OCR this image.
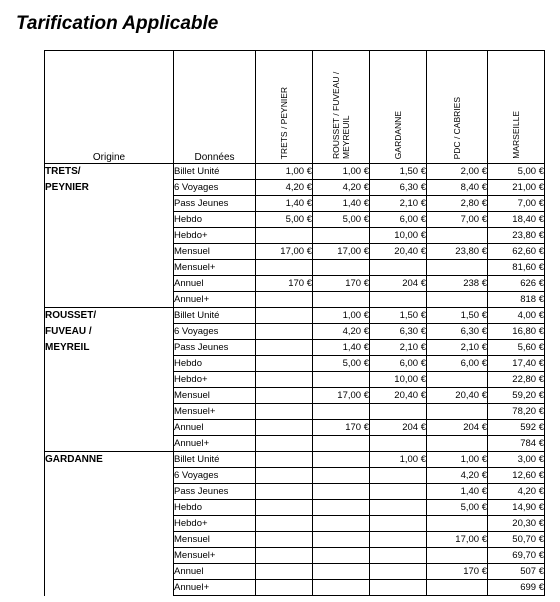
Tarification Applicable
Origine	Données	TRETS / PEYNIER	ROUSSET / FUVEAU / MEYREUIL	GARDANNE	PDC / CABRIES	MARSEILLE

TRETS/
PEYNIER	Billet Unité	1,00 €	1,00 €	1,50 €	2,00 €	5,00 €
	6 Voyages	4,20 €	4,20 €	6,30 €	8,40 €	21,00 €
	Pass Jeunes	1,40 €	1,40 €	2,10 €	2,80 €	7,00 €
	Hebdo	5,00 €	5,00 €	6,00 €	7,00 €	18,40 €
	Hebdo+			10,00 €		23,80 €
	Mensuel	17,00 €	17,00 €	20,40 €	23,80 €	62,60 €
	Mensuel+					81,60 €
	Annuel	170 €	170 €	204 €	238 €	626 €
	Annuel+					818 €

ROUSSET/
FUVEAU /
MEYREIL	Billet Unité		1,00 €	1,50 €	1,50 €	4,00 €
	6 Voyages		4,20 €	6,30 €	6,30 €	16,80 €
	Pass Jeunes		1,40 €	2,10 €	2,10 €	5,60 €
	Hebdo		5,00 €	6,00 €	6,00 €	17,40 €
	Hebdo+			10,00 €		22,80 €
	Mensuel		17,00 €	20,40 €	20,40 €	59,20 €
	Mensuel+					78,20 €
	Annuel		170 €	204 €	204 €	592 €
	Annuel+					784 €

GARDANNE	Billet Unité			1,00 €	1,00 €	3,00 €
	6 Voyages				4,20 €	12,60 €
	Pass Jeunes				1,40 €	4,20 €
	Hebdo				5,00 €	14,90 €
	Hebdo+					20,30 €
	Mensuel				17,00 €	50,70 €
	Mensuel+					69,70 €
	Annuel				170 €	507 €
	Annuel+					699 €
